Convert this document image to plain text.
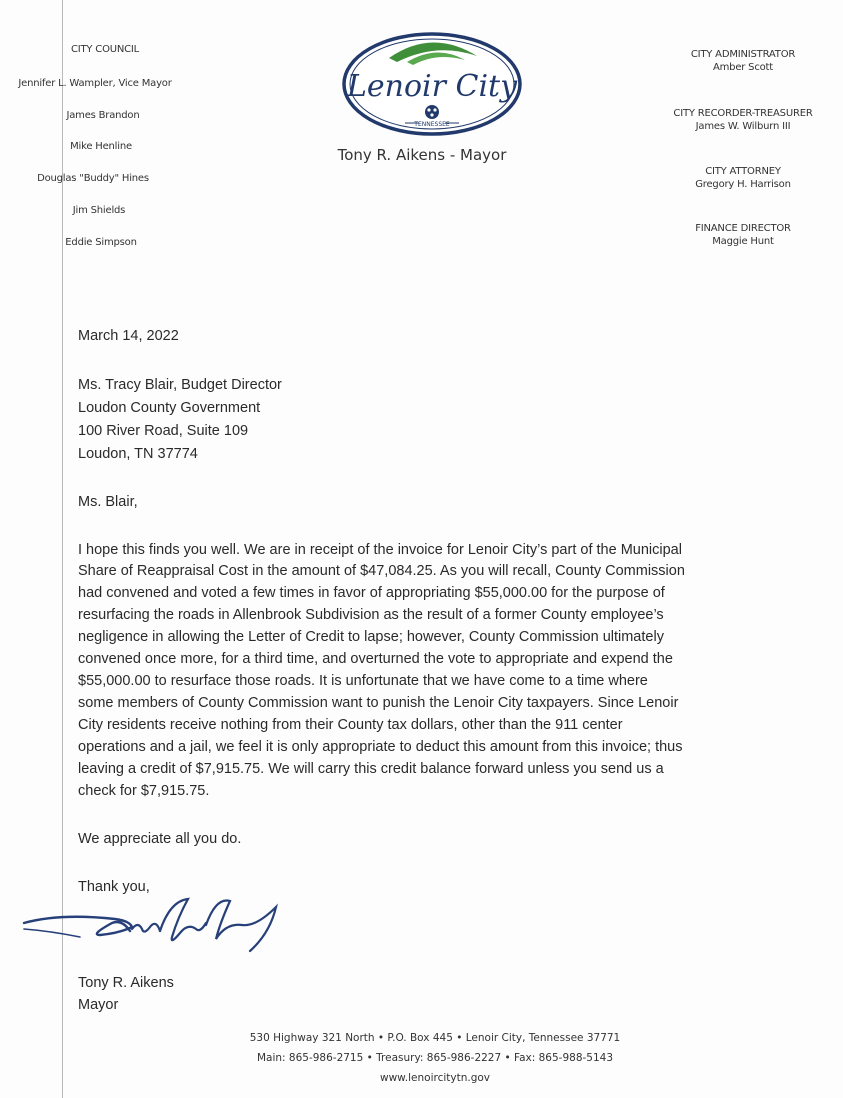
CITY COUNCIL
Jennifer L. Wampler, Vice Mayor
James Brandon
Mike Henline
Douglas "Buddy" Hines
Jim Shields
Eddie Simpson
Lenoir City
TENNESSEE
Tony R. Aikens - Mayor
CITY ADMINISTRATOR
Amber Scott
CITY RECORDER-TREASURER
James W. Wilburn III
CITY ATTORNEY
Gregory H. Harrison
FINANCE DIRECTOR
Maggie Hunt
March 14, 2022
Ms. Tracy Blair, Budget Director
Loudon County Government
100 River Road, Suite 109
Loudon, TN 37774
Ms. Blair,
I hope this finds you well. We are in receipt of the invoice for Lenoir City’s part of the Municipal
Share of Reappraisal Cost in the amount of $47,084.25. As you will recall, County Commission
had convened and voted a few times in favor of appropriating $55,000.00 for the purpose of
resurfacing the roads in Allenbrook Subdivision as the result of a former County employee’s
negligence in allowing the Letter of Credit to lapse; however, County Commission ultimately
convened once more, for a third time, and overturned the vote to appropriate and expend the
$55,000.00 to resurface those roads. It is unfortunate that we have come to a time where
some members of County Commission want to punish the Lenoir City taxpayers. Since Lenoir
City residents receive nothing from their County tax dollars, other than the 911 center
operations and a jail, we feel it is only appropriate to deduct this amount from this invoice; thus
leaving a credit of $7,915.75. We will carry this credit balance forward unless you send us a
check for $7,915.75.
We appreciate all you do.
Thank you,
Tony R. Aikens
Mayor
530 Highway 321 North • P.O. Box 445 • Lenoir City, Tennessee 37771
Main: 865-986-2715 • Treasury: 865-986-2227 • Fax: 865-988-5143
www.lenoircitytn.gov
